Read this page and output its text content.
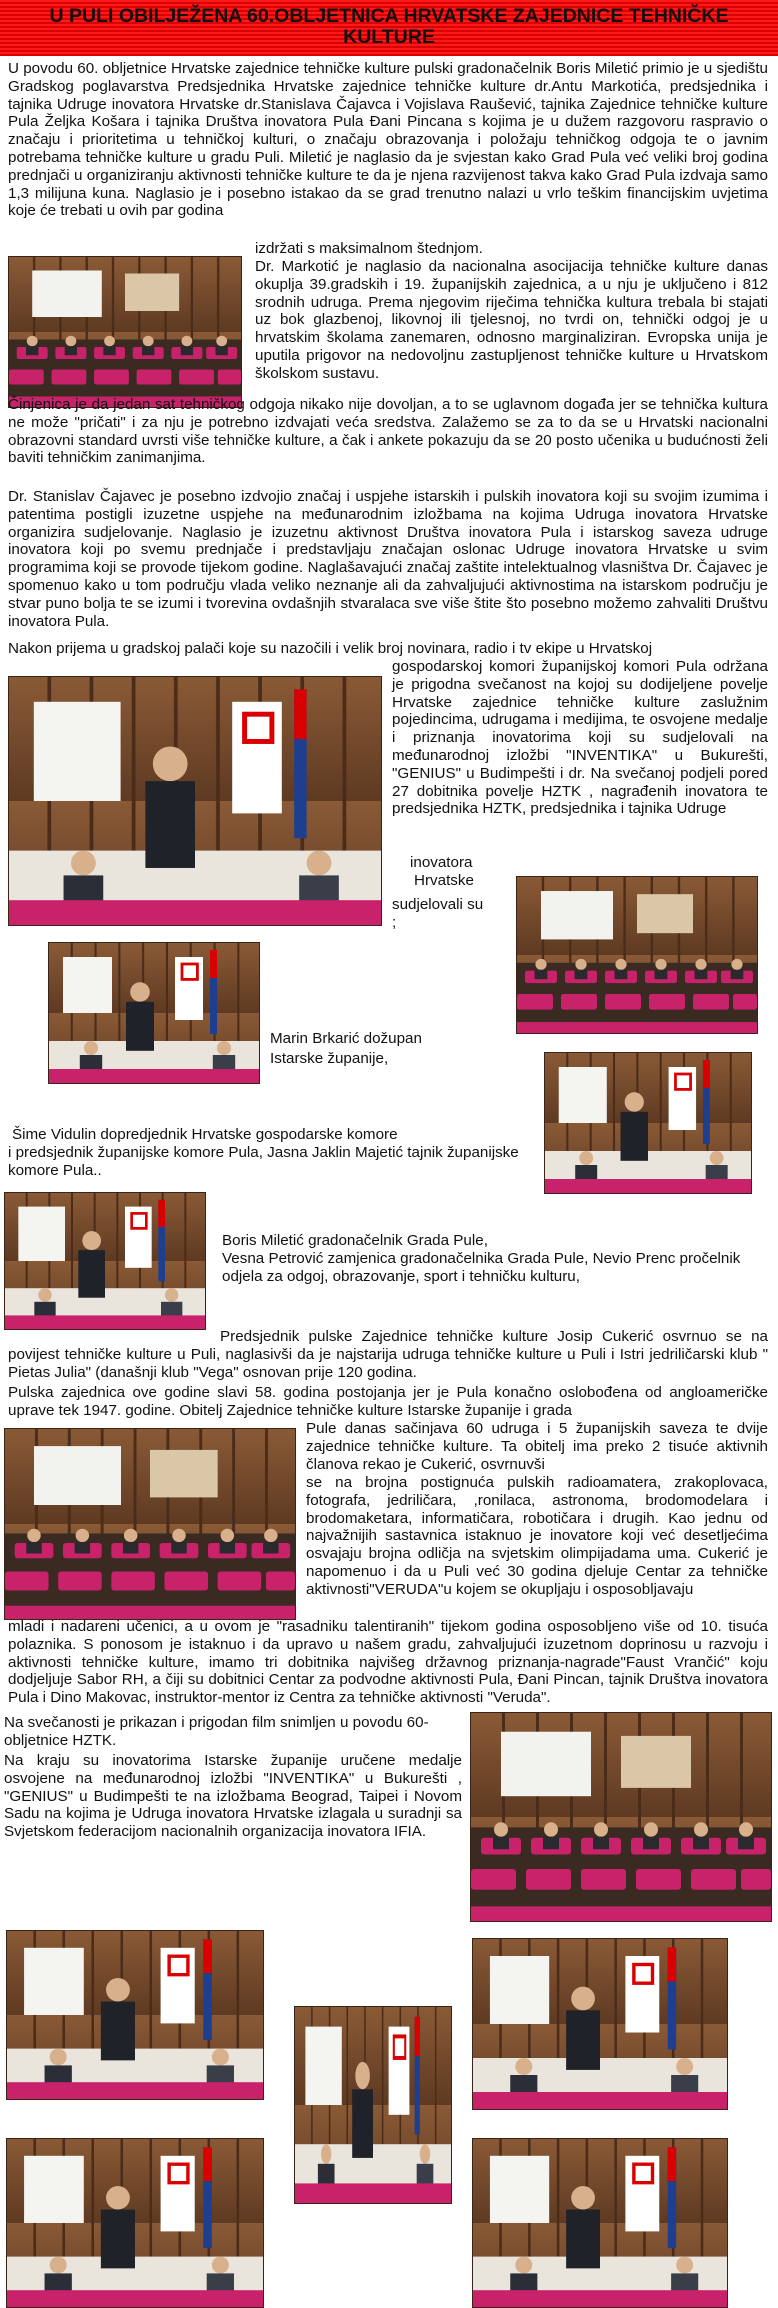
U PULI OBILJEŽENA 60.OBLJETNICA HRVATSKE ZAJEDNICE TEHNIČKE KULTURE

U povodu 60. obljetnice Hrvatske zajednice tehničke kulture pulski gradonačelnik Boris Miletić primio je u sjedištu Gradskog poglavarstva Predsjednika Hrvatske zajednice tehničke kulture dr.Antu Markotića, predsjednika i tajnika Udruge inovatora Hrvatske dr.Stanislava Čajavca i Vojislava Raušević, tajnika Zajednice tehničke kulture Pula Željka Košara i tajnika Društva inovatora Pula Đani Pincana s kojima je u dužem razgovoru raspravio o značaju i prioritetima u tehničkoj kulturi, o značaju obrazovanja i položaju tehničkog odgoja te o javnim potrebama tehničke kulture u gradu Puli. Miletić je naglasio da je svjestan kako Grad Pula već veliki broj godina prednjači u organiziranju aktivnosti tehničke kulture te da je njena razvijenost takva kako Grad Pula izdvaja samo 1,3 milijuna kuna. Naglasio je i posebno istakao da se grad trenutno nalazi u vrlo teškim financijskim uvjetima koje će trebati u ovih par godina

izdržati s maksimalnom štednjom.

Dr. Markotić je naglasio da nacionalna asocijacija tehničke kulture danas okuplja 39.gradskih i 19. županijskih zajednica, a u nju je uključeno i 812 srodnih udruga. Prema njegovim riječima tehnička kultura trebala bi stajati uz bok glazbenoj, likovnoj ili tjelesnoj, no tvrdi on, tehnički odgoj je u hrvatskim školama zanemaren, odnosno marginaliziran. Evropska unija je uputila prigovor na nedovoljnu zastupljenost tehničke kulture u Hrvatskom školskom sustavu.

Činjenica je da jedan sat tehničkog odgoja nikako nije dovoljan, a to se uglavnom događa jer se tehnička kultura ne može "pričati" i za nju je potrebno izdvajati veća sredstva. Zalažemo se za to da se u Hrvatski nacionalni obrazovni standard uvrsti više tehničke kulture, a čak i ankete pokazuju da se 20 posto učenika u budućnosti želi baviti tehničkim zanimanjima.

Dr. Stanislav Čajavec je posebno izdvojio značaj i uspjehe istarskih i pulskih inovatora koji su svojim izumima i patentima postigli izuzetne uspjehe na međunarodnim izložbama na kojima Udruga inovatora Hrvatske organizira sudjelovanje. Naglasio je izuzetnu aktivnost Društva inovatora Pula i istarskog saveza udruge inovatora koji po svemu prednjače i predstavljaju značajan oslonac Udruge inovatora Hrvatske u svim programima koji se provode tijekom godine. Naglašavajući značaj zaštite intelektualnog vlasništva Dr. Čajavec je spomenuo kako u tom području vlada veliko neznanje ali da zahvaljujući aktivnostima na istarskom području je stvar puno bolja te se izumi i tvorevina ovdašnjih stvaralaca sve više štite što posebno možemo zahvaliti Društvu inovatora Pula.

Nakon prijema u gradskoj palači koje su nazočili i velik broj novinara, radio i tv ekipe u Hrvatskoj

gospodarskoj komori županijskoj komori Pula održana je prigodna svečanost na kojoj su dodijeljene povelje Hrvatske zajednice tehničke kulture zaslužnim pojedincima, udrugama i medijima, te osvojene medalje i priznanja inovatorima koji su sudjelovali na međunarodnoj izložbi "INVENTIKA" u Bukurešti, "GENIUS" u Budimpešti i dr. Na svečanoj podjeli pored 27 dobitnika povelje HZTK , nagrađenih inovatora te predsjednika HZTK, predsjednika i tajnika Udruge

inovatora

Hrvatske

sudjelovali su

;

Marin Brkarić dožupan

Istarske županije,

Šime Vidulin dopredjednik Hrvatske gospodarske komore

i predsjednik županijske komore Pula, Jasna Jaklin Majetić tajnik županijske komore Pula..

Boris Miletić gradonačelnik Grada Pule,

Vesna Petrović zamjenica gradonačelnika Grada Pule, Nevio Prenc pročelnik odjela za odgoj, obrazovanje, sport i tehničku kulturu,

Predsjednik pulske Zajednice tehničke kulture Josip Cukerić osvrnuo se na povijest tehničke kulture u Puli, naglasivši da je najstarija udruga tehničke kulture u Puli i Istri jedriličarski klub " Pietas Julia" (današnji klub "Vega" osnovan prije 120 godina.

Pulska zajednica ove godine slavi 58. godina postojanja jer je Pula konačno oslobođena od angloameričke uprave tek 1947. godine. Obitelj Zajednice tehničke kulture Istarske županije i grada

Pule danas sačinjava 60 udruga i 5 županijskih saveza te dvije zajednice tehničke kulture. Ta obitelj ima preko 2 tisuće aktivnih članova rekao je Cukerić, osvrnuvši

se na brojna postignuća pulskih radioamatera, zrakoplovaca, fotografa, jedriličara, ,ronilaca, astronoma, brodomodelara i brodomaketara, informatičara, robotičara i drugih. Kao jednu od najvažnijih sastavnica istaknuo je inovatore koji već desetljećima osvajaju brojna odličja na svjetskim olimpijadama uma. Cukerić je napomenuo i da u Puli već 30 godina djeluje Centar za tehničke aktivnosti"VERUDA"u kojem se okupljaju i osposobljavaju

mladi i nadareni učenici, a u ovom je "rasadniku talentiranih" tijekom godina osposobljeno više od 10. tisuća polaznika. S ponosom je istaknuo i da upravo u našem gradu, zahvaljujući izuzetnom doprinosu u razvoju i aktivnosti tehničke kulture, imamo tri dobitnika najvišeg državnog priznanja-nagrade"Faust Vrančić" koju dodjeljuje Sabor RH, a čiji su dobitnici Centar za podvodne aktivnosti Pula, Đani Pincan, tajnik Društva inovatora Pula i Dino Makovac, instruktor-mentor iz Centra za tehničke aktivnosti "Veruda".

Na svečanosti je prikazan i prigodan film snimljen u povodu 60-obljetnice HZTK.

Na kraju su inovatorima Istarske županije uručene medalje osvojene na međunarodnoj izložbi "INVENTIKA" u Bukurešti , "GENIUS" u Budimpešti te na izložbama Beograd, Taipei i Novom Sadu na kojima je Udruga inovatora Hrvatske izlagala u suradnji sa Svjetskom federacijom nacionalnih organizacija inovatora IFIA.
